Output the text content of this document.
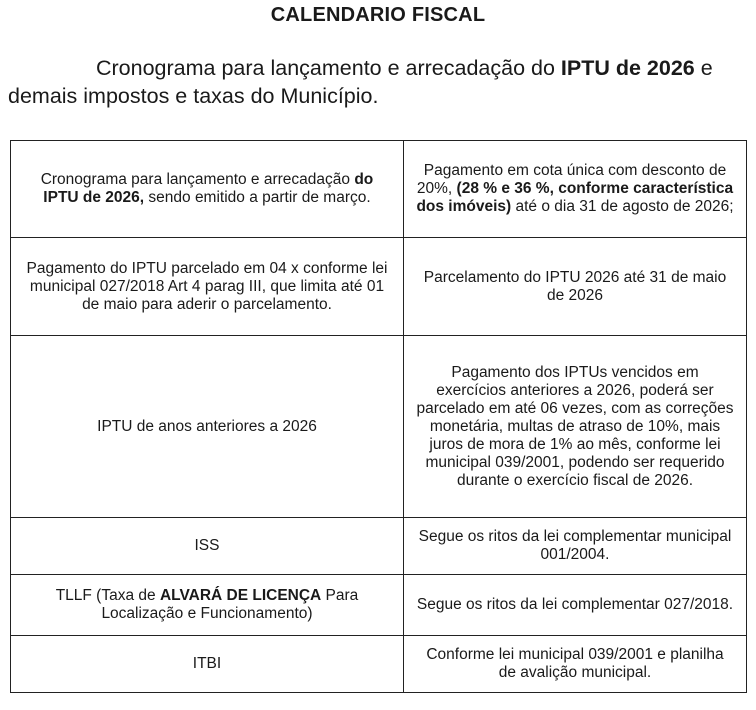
CALENDARIO FISCAL
Cronograma para lançamento e arrecadação do IPTU de 2026 e demais impostos e taxas do Município.
Cronograma para lançamento e arrecadação do IPTU de 2026, sendo emitido a partir de março.	Pagamento em cota única com desconto de 20%, (28 % e 36 %, conforme característica dos imóveis) até o dia 31 de agosto de 2026;
Pagamento do IPTU parcelado em 04 x conforme lei municipal 027/2018 Art 4 parag III, que limita até 01 de maio para aderir o parcelamento.	Parcelamento do IPTU 2026 até 31 de maio de 2026
IPTU de anos anteriores a 2026	Pagamento dos IPTUs vencidos em exercícios anteriores a 2026, poderá ser parcelado em até 06 vezes, com as correções monetária, multas de atraso de 10%, mais juros de mora de 1% ao mês, conforme lei municipal 039/2001, podendo ser requerido durante o exercício fiscal de 2026.
ISS	Segue os ritos da lei complementar municipal 001/2004.
TLLF (Taxa de ALVARÁ DE LICENÇA Para Localização e Funcionamento)	Segue os ritos da lei complementar 027/2018.
ITBI	Conforme lei municipal 039/2001 e planilha de avalição municipal.
